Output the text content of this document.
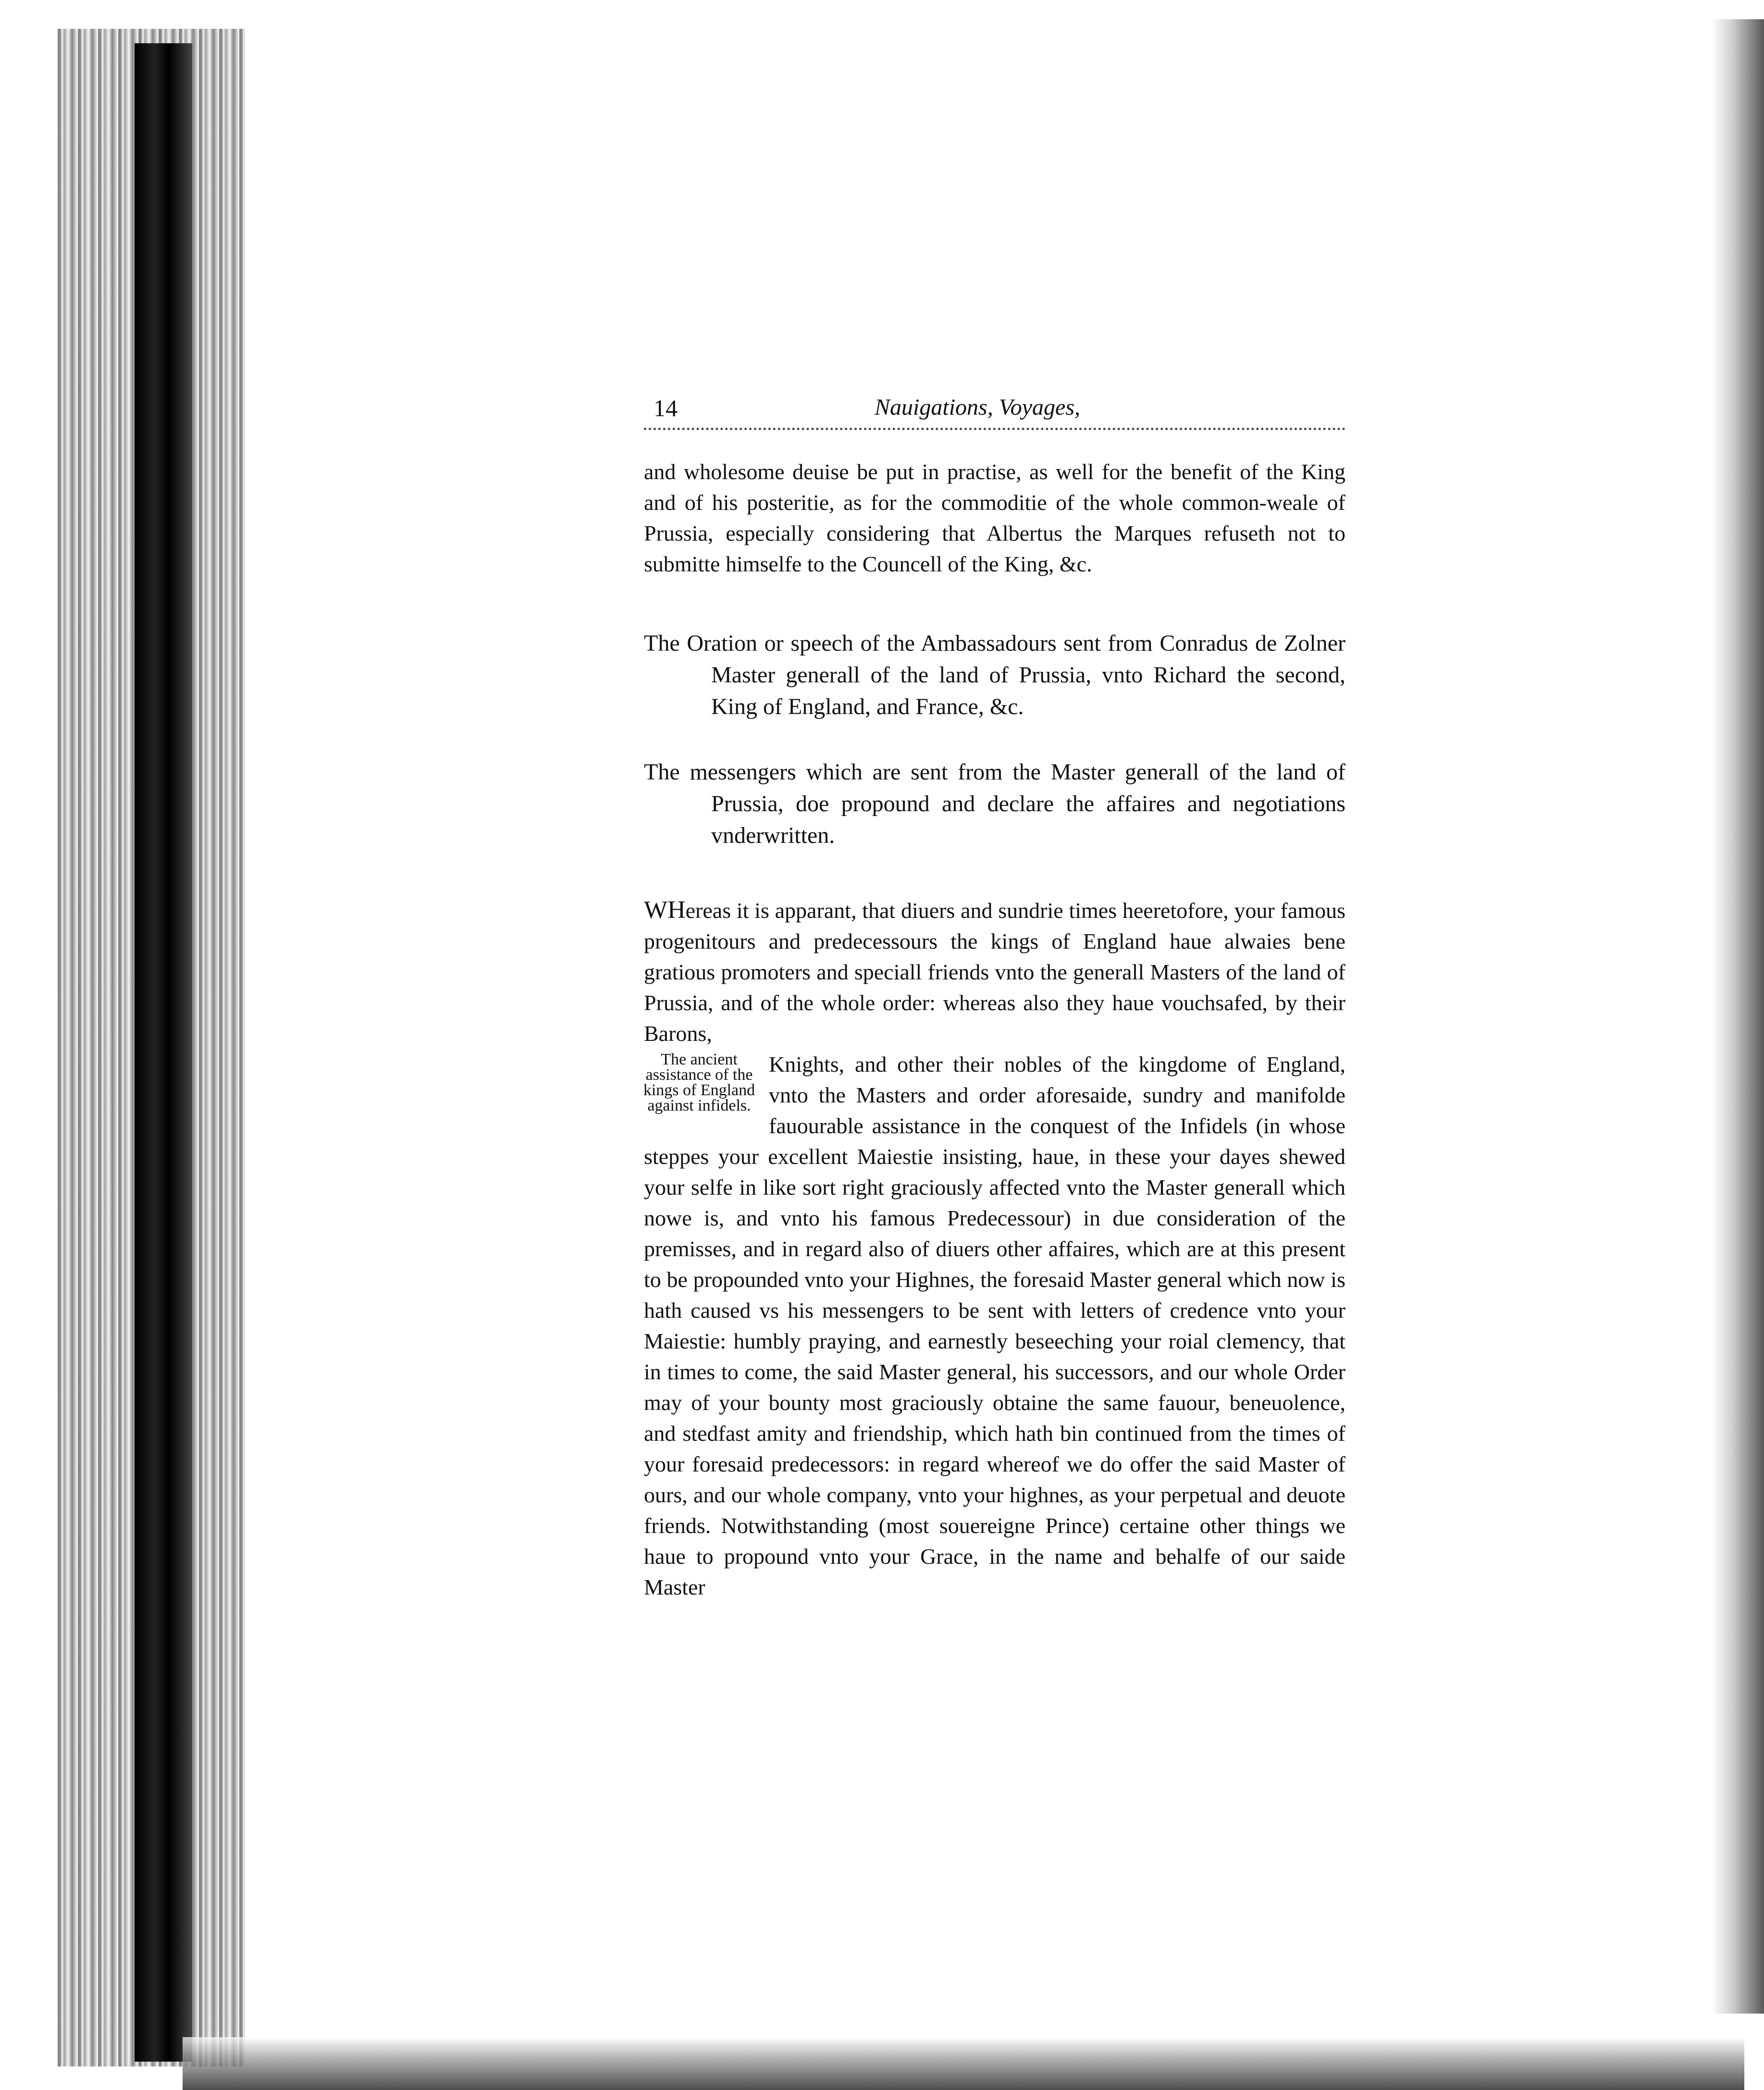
14	Nauigations, Voyages,

and wholesome deuise be put in practise, as well for the benefit of the King and of his posteritie, as for the commoditie of the whole common-weale of Prussia, especially considering that Albertus the Marques refuseth not to submitte himselfe to the Councell of the King, &c.

The Oration or speech of the Ambassadours sent from Conradus de Zolner Master generall of the land of Prussia, vnto Richard the second, King of England, and France, &c.

The messengers which are sent from the Master generall of the land of Prussia, doe propound and declare the affaires and negotiations vnderwritten.

WHereas it is apparant, that diuers and sundrie times heeretofore, your famous progenitours and predecessours the kings of England haue alwaies bene gratious promoters and speciall friends vnto the generall Masters of the land of Prussia, and of the whole order: whereas also they haue vouchsafed, by their Barons,
The ancient assistance of the kings of England against infidels.
Knights, and other their nobles of the kingdome of England, vnto the Masters and order aforesaide, sundry and manifolde fauourable assistance in the conquest of the Infidels (in whose steppes your excellent Maiestie insisting, haue, in these your dayes shewed your selfe in like sort right graciously affected vnto the Master generall which nowe is, and vnto his famous Predecessour) in due consideration of the premisses, and in regard also of diuers other affaires, which are at this present to be propounded vnto your Highnes, the foresaid Master general which now is hath caused vs his messengers to be sent with letters of credence vnto your Maiestie: humbly praying, and earnestly beseeching your roial clemency, that in times to come, the said Master general, his successors, and our whole Order may of your bounty most graciously obtaine the same fauour, beneuolence, and stedfast amity and friendship, which hath bin continued from the times of your foresaid predecessors: in regard whereof we do offer the said Master of ours, and our whole company, vnto your highnes, as your perpetual and deuote friends. Notwithstanding (most souereigne Prince) certaine other things we haue to propound vnto your Grace, in the name and behalfe of our saide Master
